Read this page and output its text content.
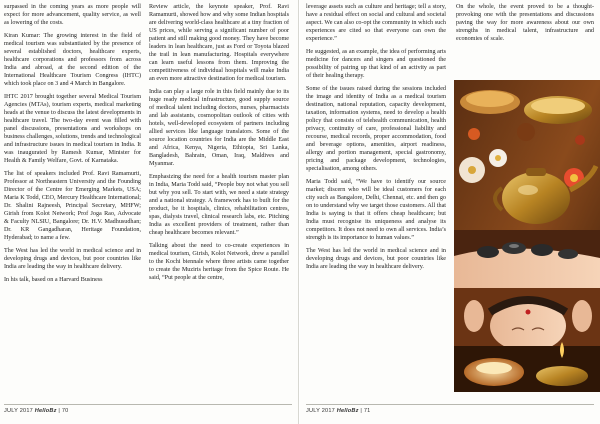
surpassed in the coming years as more people will expect for more advancement, quality service, as well as lowering of the costs.

Kiran Kumar: The growing interest in the field of medical tourism was substantiated by the presence of several established doctors, healthcare experts, healthcare corporations and professors from across India and abroad, at the second edition of the International Healthcare Tourism Congress (IHTC) which took place on 3 and 4 March in Bangalore.

IHTC 2017 brought together several Medical Tourism Agencies (MTAs), tourism experts, medical marketing heads at the venue to discuss the latest developments in healthcare travel. The two-day event was filled with panel discussions, presentations and workshops on business challenges, solutions, trends and technological and infrastructure issues in medical tourism in India. It was inaugurated by Ramesh Kumar, Minister for Health & Family Welfare, Govt. of Karnataka.

The list of speakers included Prof. Ravi Ramamurti, Professor at Northeastern University and the Founding Director of the Centre for Emerging Markets, USA; Maria K Todd, CEO, Mercury Healthcare International; Dr. Shalini Rajneesh, Principal Secretary, MHFW; Girish from Kolot Network; Prof Joga Rao, Advocate & Faculty NLSIU, Bangalore; Dr. H.V. Madhusudhan; Dr. KR Gangadharan, Heritage Foundation, Hyderabad; to name a few.

The West has led the world in medical science and in developing drugs and devices, but poor countries like India are leading the way in healthcare delivery.

In his talk, based on a Harvard Business

Review article, the keynote speaker, Prof. Ravi Ramamurti, showed how and why some Indian hospitals are delivering world-class healthcare at a tiny fraction of US prices, while serving a significant number of poor patient and still making good money. They have become leaders in lean healthcare, just as Ford or Toyota blazed the trail in lean manufacturing. Hospitals everywhere can learn useful lessons from them. Improving the competitiveness of individual hospitals will make India an even more attractive destination for medical tourism.

India can play a large role in this field mainly due to its huge ready medical infrastructure, good supply source of medical talent including doctors, nurses, pharmacists and lab assistants, cosmopolitan outlook of cities with hotels, well-developed ecosystem of partners including allied services like language translators. Some of the source location countries for India are the Middle East and Africa, Kenya, Nigeria, Ethiopia, Sri Lanka, Bangladesh, Bahrain, Oman, Iraq, Maldives and Myanmar.

Emphasizing the need for a health tourism master plan in India, Maria Todd said, “People buy not what you sell but why you sell. To start with, we need a state strategy and a national strategy. A framework has to built for the product, be it hospitals, clinics, rehabilitation centres, spas, dialysis travel, clinical research labs, etc. Pitching India as excellent providers of treatment, rather than cheap healthcare becomes relevant.”

Talking about the need to co-create experiences in medical tourism, Girish, Kolot Network, drew a parallel to the Kochi biennale where three artists came together to create the Muziris heritage from the Spice Route. He said, “Put people at the centre,

JULY 2017 HelloBz | 70

leverage assets such as culture and heritage; tell a story, have a residual effect on social and cultural and societal aspect. We can also co-opt the community in which such experiences are cited so that everyone can own the experience.”

He suggested, as an example, the idea of performing arts medicine for dancers and singers and questioned the possibility of pairing up that kind of an activity as part of their healing therapy.

Some of the issues raised during the sessions included the image and identity of India as a medical tourism destination, national reputation, capacity development, taxation, information systems, need to develop a health policy that consists of telehealth communication, health privacy, continuity of care, professional liability and recourse, medical records, proper accommodation, food and beverage options, amenities, airport readiness, allergy and portion management, special gastronomy, pricing and package development, technologies, specialisation, among others.

Maria Todd said, “We have to identify our source market; discern who will be ideal customers for each city such as Bangalore, Delhi, Chennai, etc. and then go on to understand why we target those customers. All that India is saying is that it offers cheap healthcare; but India must recognise its uniqueness and analyse its competitors. It does not need to own all services. India’s strength is its importance to human values.”

The West has led the world in medical science and in developing drugs and devices, but poor countries like India are leading the way in healthcare delivery.

On the whole, the event proved to be a thought-provoking one with the presentations and discussions paving the way for more awareness about our own strengths in medical talent, infrastructure and economies of scale.

JULY 2017 HelloBz | 71
